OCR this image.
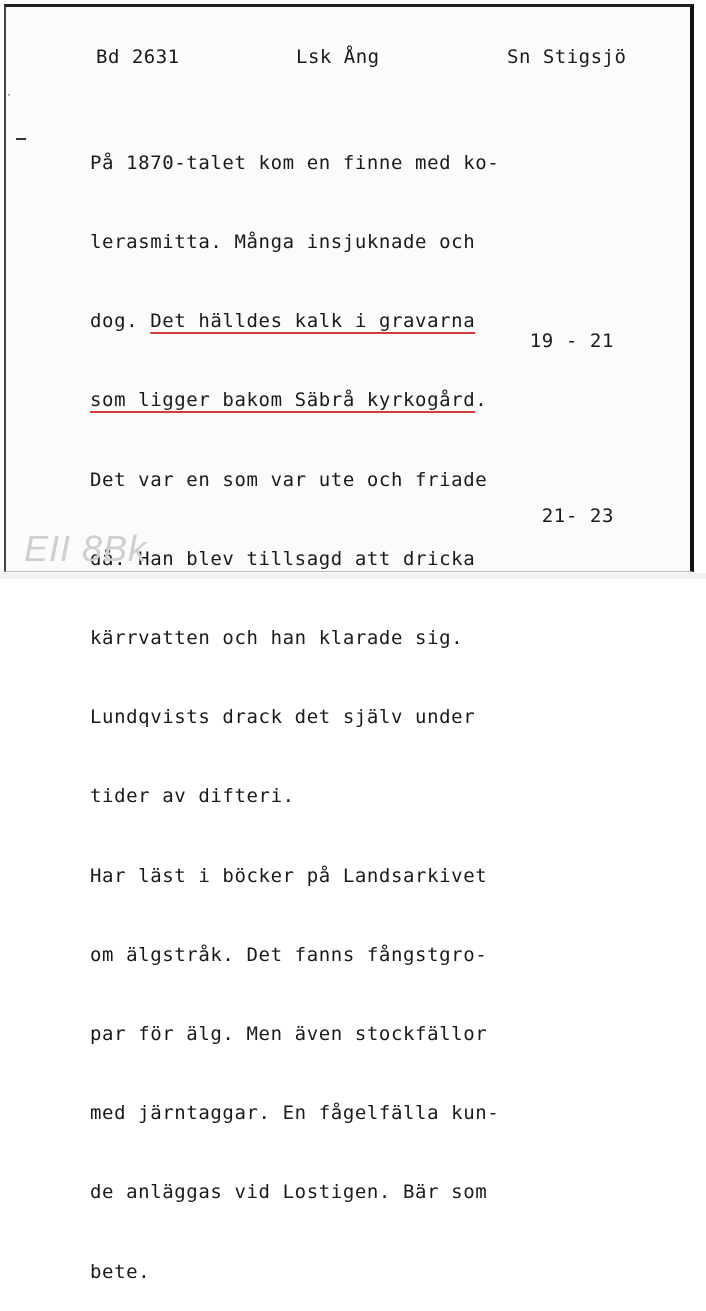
·
Bd 2631	Lsk Ång	Sn Stigsjö

På 1870-talet kom en finne med ko-

lerasmitta. Många insjuknade och

dog. Det hälldes kalk i gravarna

som ligger bakom Säbrå kyrkogård.

Det var en som var ute och friade

då. Han blev tillsagd att dricka

kärrvatten och han klarade sig.

Lundqvists drack det själv under

tider av difteri.

Har läst i böcker på Landsarkivet

om älgstråk. Det fanns fångstgro-

par för älg. Men även stockfällor

med järntaggar. En fågelfälla kun-

de anläggas vid Lostigen. Bär som

bete.

19 - 21
21- 23
EII 8Bk
